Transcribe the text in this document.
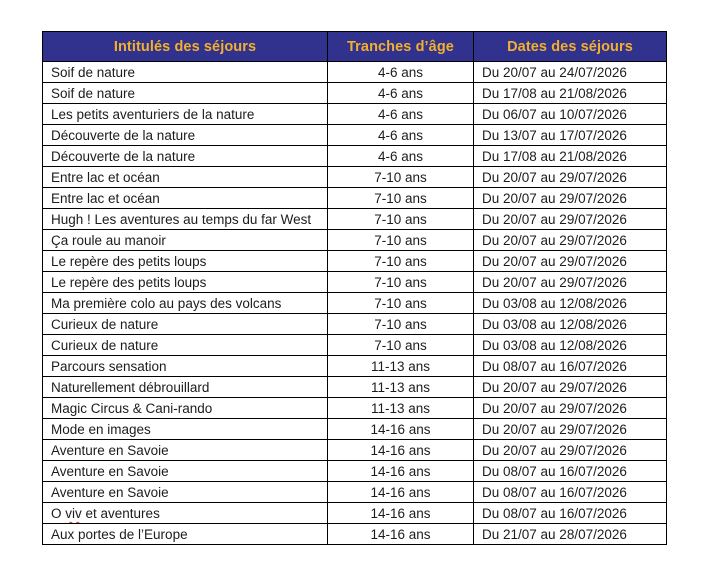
Intitulés des séjours	Tranches d’âge	Dates des séjours
Soif de nature	4-6 ans	Du 20/07 au 24/07/2026
Soif de nature	4-6 ans	Du 17/08 au 21/08/2026
Les petits aventuriers de la nature	4-6 ans	Du 06/07 au 10/07/2026
Découverte de la nature	4-6 ans	Du 13/07 au 17/07/2026
Découverte de la nature	4-6 ans	Du 17/08 au 21/08/2026
Entre lac et océan	7-10 ans	Du 20/07 au 29/07/2026
Entre lac et océan	7-10 ans	Du 20/07 au 29/07/2026
Hugh ! Les aventures au temps du far West	7-10 ans	Du 20/07 au 29/07/2026
Ça roule au manoir	7-10 ans	Du 20/07 au 29/07/2026
Le repère des petits loups	7-10 ans	Du 20/07 au 29/07/2026
Le repère des petits loups	7-10 ans	Du 20/07 au 29/07/2026
Ma première colo au pays des volcans	7-10 ans	Du 03/08 au 12/08/2026
Curieux de nature	7-10 ans	Du 03/08 au 12/08/2026
Curieux de nature	7-10 ans	Du 03/08 au 12/08/2026
Parcours sensation	11-13 ans	Du 08/07 au 16/07/2026
Naturellement débrouillard	11-13 ans	Du 20/07 au 29/07/2026
Magic Circus & Cani-rando	11-13 ans	Du 20/07 au 29/07/2026
Mode en images	14-16 ans	Du 20/07 au 29/07/2026
Aventure en Savoie	14-16 ans	Du 20/07 au 29/07/2026
Aventure en Savoie	14-16 ans	Du 08/07 au 16/07/2026
Aventure en Savoie	14-16 ans	Du 08/07 au 16/07/2026
O viv et aventures	14-16 ans	Du 08/07 au 16/07/2026
Aux portes de l’Europe	14-16 ans	Du 21/07 au 28/07/2026
